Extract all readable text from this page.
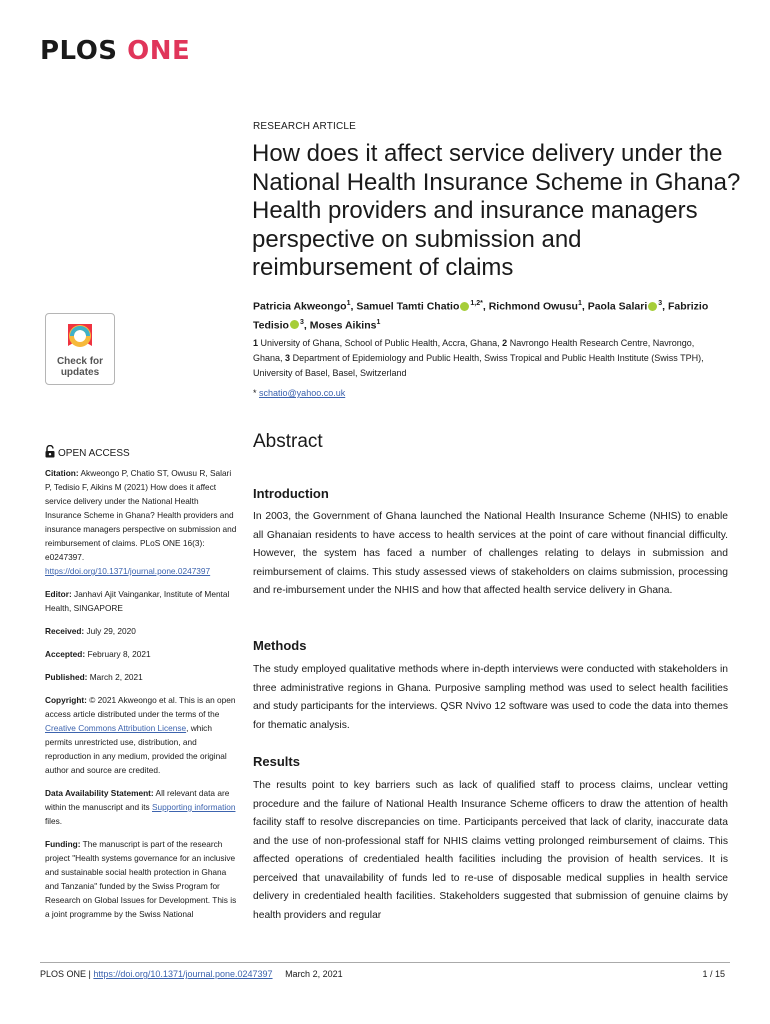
PLOS ONE
RESEARCH ARTICLE
How does it affect service delivery under the National Health Insurance Scheme in Ghana? Health providers and insurance managers perspective on submission and reimbursement of claims
Patricia Akweongo$^1$, Samuel Tamti Chatio $^{1,2*}$, Richmond Owusu$^1$, Paola Salari $^3$, Fabrizio Tedisio $^3$, Moses Aikins$^1$
1 University of Ghana, School of Public Health, Accra, Ghana, 2 Navrongo Health Research Centre, Navrongo, Ghana, 3 Department of Epidemiology and Public Health, Swiss Tropical and Public Health Institute (Swiss TPH), University of Basel, Basel, Switzerland
* schatio@yahoo.co.uk
Check for
updates
OPEN ACCESS

Citation: Akweongo P, Chatio ST, Owusu R, Salari P, Tedisio F, Aikins M (2021) How does it affect service delivery under the National Health Insurance Scheme in Ghana? Health providers and insurance managers perspective on submission and reimbursement of claims. PLoS ONE 16(3): e0247397. https://doi.org/10.1371/journal.pone.0247397

Editor: Janhavi Ajit Vaingankar, Institute of Mental Health, SINGAPORE

Received: July 29, 2020

Accepted: February 8, 2021

Published: March 2, 2021

Copyright: © 2021 Akweongo et al. This is an open access article distributed under the terms of the Creative Commons Attribution License, which permits unrestricted use, distribution, and reproduction in any medium, provided the original author and source are credited.

Data Availability Statement: All relevant data are within the manuscript and its Supporting information files.

Funding: The manuscript is part of the research project "Health systems governance for an inclusive and sustainable social health protection in Ghana and Tanzania" funded by the Swiss Program for Research on Global Issues for Development. This is a joint programme by the Swiss National

Abstract
Introduction

In 2003, the Government of Ghana launched the National Health Insurance Scheme (NHIS) to enable all Ghanaian residents to have access to health services at the point of care without financial difficulty. However, the system has faced a number of challenges relating to delays in submission and reimbursement of claims. This study assessed views of stakeholders on claims submission, processing and re-imbursement under the NHIS and how that affected health service delivery in Ghana.

Methods

The study employed qualitative methods where in-depth interviews were conducted with stakeholders in three administrative regions in Ghana. Purposive sampling method was used to select health facilities and study participants for the interviews. QSR Nvivo 12 software was used to code the data into themes for thematic analysis.

Results

The results point to key barriers such as lack of qualified staff to process claims, unclear vetting procedure and the failure of National Health Insurance Scheme officers to draw the attention of health facility staff to resolve discrepancies on time. Participants perceived that lack of clarity, inaccurate data and the use of non-professional staff for NHIS claims vetting prolonged reimbursement of claims. This affected operations of credentialed health facilities including the provision of health services. It is perceived that unavailability of funds led to re-use of disposable medical supplies in health service delivery in credentialed health facilities. Stakeholders suggested that submission of genuine claims by health providers and regular

PLOS ONE | https://doi.org/10.1371/journal.pone.0247397 March 2, 2021	1 / 15
